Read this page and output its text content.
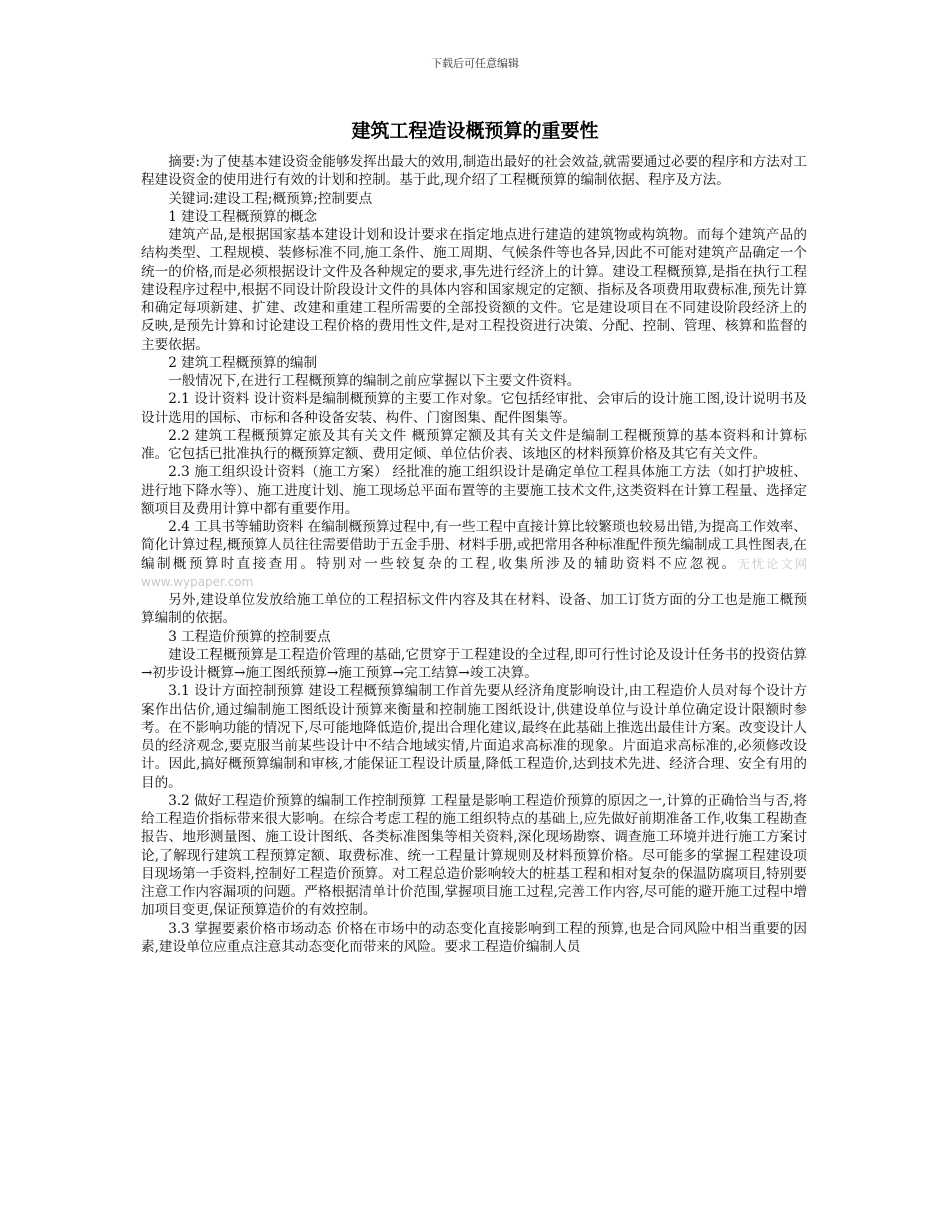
下载后可任意编辑
建筑工程造设概预算的重要性

摘要:为了使基本建设资金能够发挥出最大的效用,制造出最好的社会效益,就需要通过必要的程序和方法对工程建设资金的使用进行有效的计划和控制。基于此,现介绍了工程概预算的编制依据、程序及方法。

关键词:建设工程;概预算;控制要点

1 建设工程概预算的概念

建筑产品,是根据国家基本建设计划和设计要求在指定地点进行建造的建筑物或构筑物。而每个建筑产品的结构类型、工程规模、装修标准不同,施工条件、施工周期、气候条件等也各异,因此不可能对建筑产品确定一个统一的价格,而是必须根据设计文件及各种规定的要求,事先进行经济上的计算。建设工程概预算,是指在执行工程建设程序过程中,根据不同设计阶段设计文件的具体内容和国家规定的定额、指标及各项费用取费标准,预先计算和确定每项新建、扩建、改建和重建工程所需要的全部投资额的文件。它是建设项目在不同建设阶段经济上的反映,是预先计算和讨论建设工程价格的费用性文件,是对工程投资进行决策、分配、控制、管理、核算和监督的主要依据。

2 建筑工程概预算的编制

一般情况下,在进行工程概预算的编制之前应掌握以下主要文件资料。

2.1 设计资料 设计资料是编制概预算的主要工作对象。它包括经审批、会审后的设计施工图,设计说明书及设计选用的国标、市标和各种设备安装、构件、门窗图集、配件图集等。

2.2 建筑工程概预算定旅及其有关文件 概预算定额及其有关文件是编制工程概预算的基本资料和计算标准。它包括已批准执行的概预算定额、费用定倾、单位估价表、该地区的材料预算价格及其它有关文件。

2.3 施工组织设计资料（施工方案） 经批准的施工组织设计是确定单位工程具体施工方法（如打护坡桩、进行地下降水等）、施工进度计划、施工现场总平面布置等的主要施工技术文件,这类资料在计算工程量、选择定额项目及费用计算中都有重要作用。

2.4 工具书等辅助资料 在编制概预算过程中,有一些工程中直接计算比较繁琐也较易出错,为提高工作效率、简化计算过程,概预算人员往往需要借助于五金手册、材料手册,或把常用各种标准配件预先编制成工具性图表,在编制概预算时直接查用。特别对一些较复杂的工程,收集所涉及的辅助资料不应忽视。无忧论文网 www.wypaper.com

另外,建设单位发放给施工单位的工程招标文件内容及其在材料、设备、加工订货方面的分工也是施工概预算编制的依据。

3 工程造价预算的控制要点

建设工程概预算是工程造价管理的基础,它贯穿于工程建设的全过程,即可行性讨论及设计任务书的投资估算→初步设计概算→施工图纸预算→施工预算→完工结算→竣工决算。

3.1 设计方面控制预算 建设工程概预算编制工作首先要从经济角度影响设计,由工程造价人员对每个设计方案作出估价,通过编制施工图纸设计预算来衡量和控制施工图纸设计,供建设单位与设计单位确定设计限额时参考。在不影响功能的情况下,尽可能地降低造价,提出合理化建议,最终在此基础上推选出最佳计方案。改变设计人员的经济观念,要克服当前某些设计中不结合地域实情,片面追求高标准的现象。片面追求高标准的,必须修改设计。因此,搞好概预算编制和审核,才能保证工程设计质量,降低工程造价,达到技术先进、经济合理、安全有用的目的。

3.2 做好工程造价预算的编制工作控制预算 工程量是影响工程造价预算的原因之一,计算的正确恰当与否,将给工程造价指标带来很大影响。在综合考虑工程的施工组织特点的基础上,应先做好前期准备工作,收集工程勘查报告、地形测量图、施工设计图纸、各类标准图集等相关资料,深化现场勘察、调查施工环境并进行施工方案讨论,了解现行建筑工程预算定额、取费标准、统一工程量计算规则及材料预算价格。尽可能多的掌握工程建设项目现场第一手资料,控制好工程造价预算。对工程总造价影响较大的桩基工程和相对复杂的保温防腐项目,特别要注意工作内容漏项的问题。严格根据清单计价范围,掌握项目施工过程,完善工作内容,尽可能的避开施工过程中增加项目变更,保证预算造价的有效控制。

3.3 掌握要素价格市场动态 价格在市场中的动态变化直接影响到工程的预算,也是合同风险中相当重要的因素,建设单位应重点注意其动态变化而带来的风险。要求工程造价编制人员
